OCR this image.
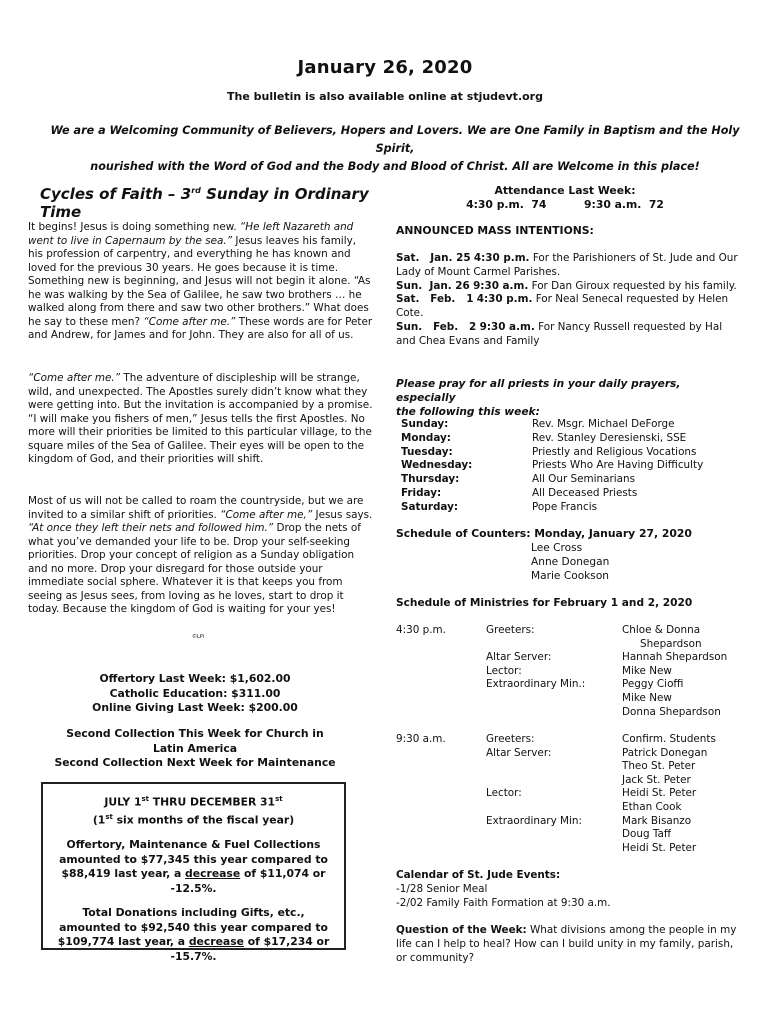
January 26, 2020
The bulletin is also available online at stjudevt.org
We are a Welcoming Community of Believers, Hopers and Lovers. We are One Family in Baptism and the Holy Spirit,
nourished with the Word of God and the Body and Blood of Christ. All are Welcome in this place!
Cycles of Faith – 3rd Sunday in Ordinary Time
It begins! Jesus is doing something new. “He left Nazareth and went to live in Capernaum by the sea.” Jesus leaves his family, his profession of carpentry, and everything he has known and loved for the previous 30 years. He goes because it is time. Something new is beginning, and Jesus will not begin it alone. “As he was walking by the Sea of Galilee, he saw two brothers … he walked along from there and saw two other brothers.” What does he say to these men? “Come after me.” These words are for Peter and Andrew, for James and for John. They are also for all of us.
“Come after me.” The adventure of discipleship will be strange, wild, and unexpected. The Apostles surely didn’t know what they were getting into. But the invitation is accompanied by a promise. “I will make you fishers of men,” Jesus tells the first Apostles. No more will their priorities be limited to this particular village, to the square miles of the Sea of Galilee. Their eyes will be open to the kingdom of God, and their priorities will shift.
Most of us will not be called to roam the countryside, but we are invited to a similar shift of priorities. “Come after me,” Jesus says. “At once they left their nets and followed him.” Drop the nets of what you’ve demanded your life to be. Drop your self-seeking priorities. Drop your concept of religion as a Sunday obligation and no more. Drop your disregard for those outside your immediate social sphere. Whatever it is that keeps you from seeing as Jesus sees, from loving as he loves, start to drop it today. Because the kingdom of God is waiting for your yes!
©LPi
Offertory Last Week: $1,602.00
Catholic Education: $311.00
Online Giving Last Week: $200.00
Second Collection This Week for Church in
Latin America
Second Collection Next Week for Maintenance

JULY 1st THRU DECEMBER 31st
(1st six months of the fiscal year)

Offertory, Maintenance & Fuel Collections amounted to $77,345 this year compared to $88,419 last year, a decrease of $11,074 or -12.5%.

Total Donations including Gifts, etc., amounted to $92,540 this year compared to $109,774 last year, a decrease of $17,234 or -15.7%.

Attendance Last Week:
4:30 p.m.  74          9:30 a.m.  72
ANNOUNCED MASS INTENTIONS:
Sat.   Jan. 25 4:30 p.m. For the Parishioners of St. Jude and Our Lady of Mount Carmel Parishes.
Sun.  Jan. 26 9:30 a.m. For Dan Giroux requested by his family.
Sat.   Feb.   1 4:30 p.m. For Neal Senecal requested by Helen Cote.
Sun.   Feb.   2 9:30 a.m. For Nancy Russell requested by Hal and Chea Evans and Family
Please pray for all priests in your daily prayers, especially
the following this week:
Sunday:	Rev. Msgr. Michael DeForge
Monday:	Rev. Stanley Deresienski, SSE
Tuesday:	Priestly and Religious Vocations
Wednesday:	Priests Who Are Having Difficulty
Thursday:	All Our Seminarians
Friday:	All Deceased Priests
Saturday:	Pope Francis
Schedule of Counters: Monday, January 27, 2020
Lee Cross
Anne Donegan
Marie Cookson
Schedule of Ministries for February 1 and 2, 2020
4:30 p.m.	Greeters:	Chloe & Donna
Shepardson
Altar Server:	Hannah Shepardson
Lector:	Mike New
Extraordinary Min.:	Peggy Cioffi
Mike New
Donna Shepardson
9:30 a.m.	Greeters:	Confirm. Students
Altar Server:	Patrick Donegan
Theo St. Peter
Jack St. Peter
Lector:	Heidi St. Peter
Ethan Cook
Extraordinary Min:	Mark Bisanzo
Doug Taff
Heidi St. Peter
Calendar of St. Jude Events:
-1/28 Senior Meal
-2/02 Family Faith Formation at 9:30 a.m.
Question of the Week: What divisions among the people in my life can I help to heal? How can I build unity in my family, parish, or community?
